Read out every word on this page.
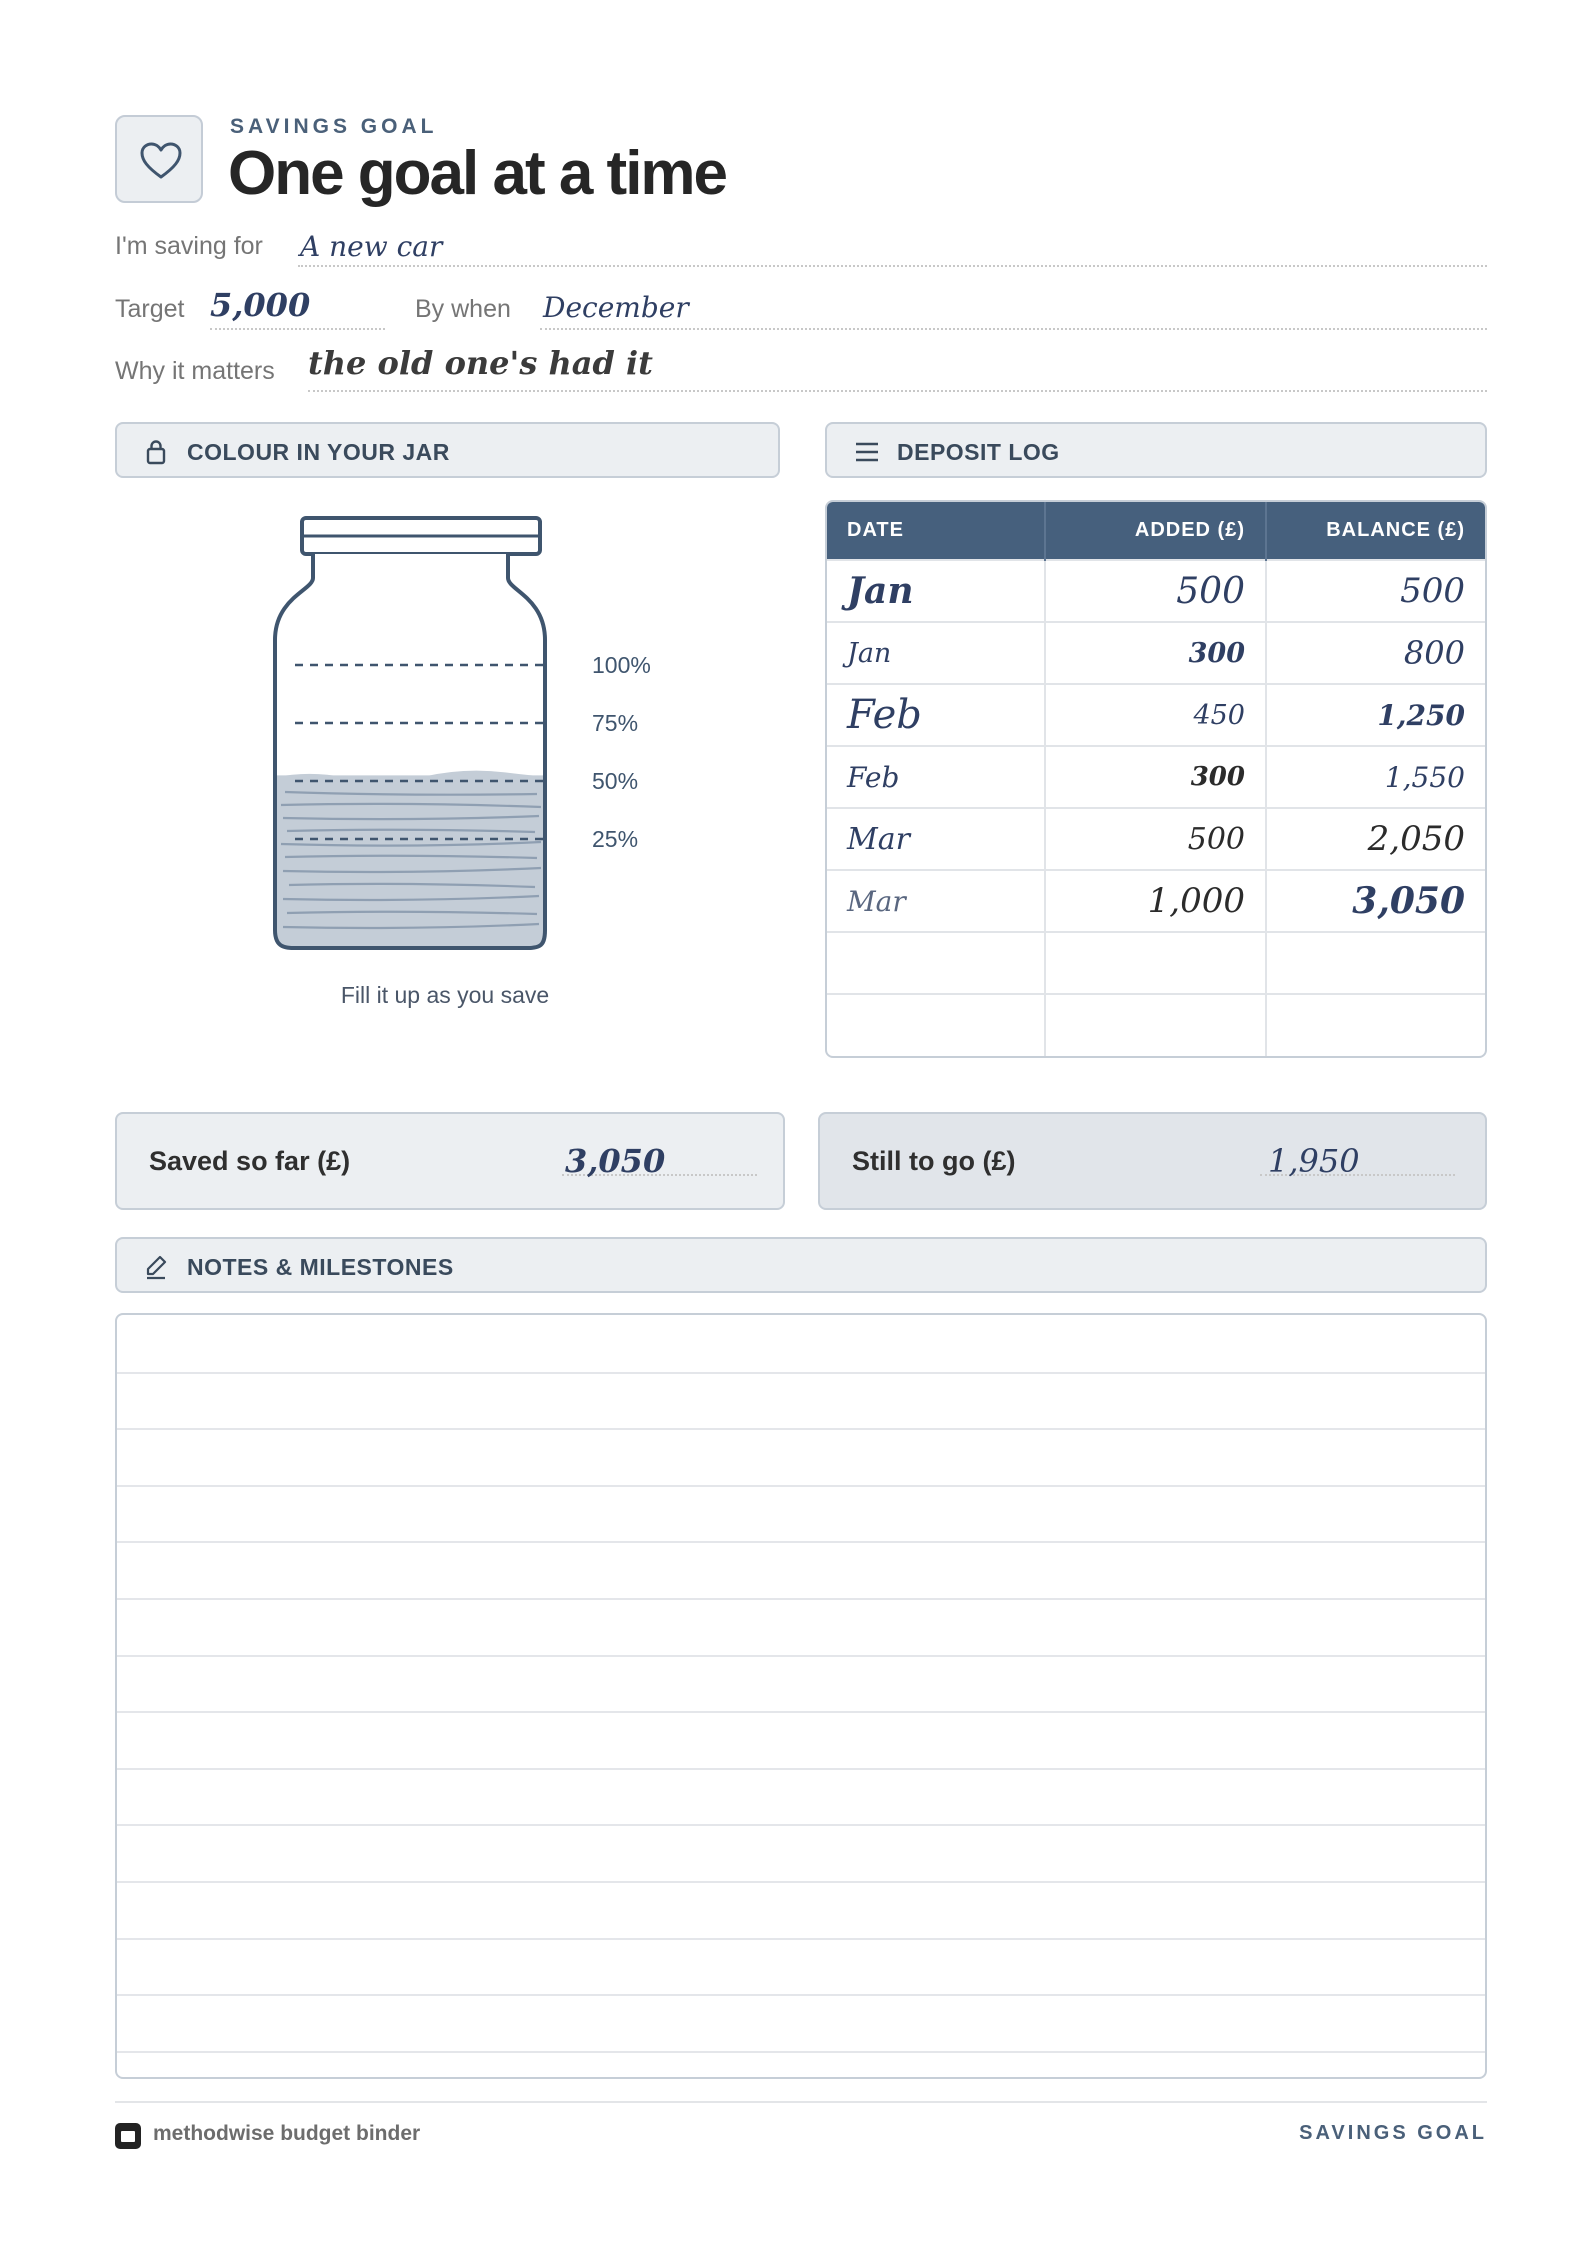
SAVINGS GOAL
One goal at a time
I'm saving for A new car
Target 5,000	By when December
Why it matters the old one's had it
COLOUR IN YOUR JAR	DEPOSIT LOG
100%
75%
50%
25%
Fill it up as you save
DATE	ADDED (£)	BALANCE (£)
Jan	500	500
Jan	300	800
Feb	450	1,250
Feb	300	1,550
Mar	500	2,050
Mar	1,000	3,050

Saved so far (£)	3,050	Still to go (£)	1,950
NOTES & MILESTONES
methodwise budget binder	SAVINGS GOAL
